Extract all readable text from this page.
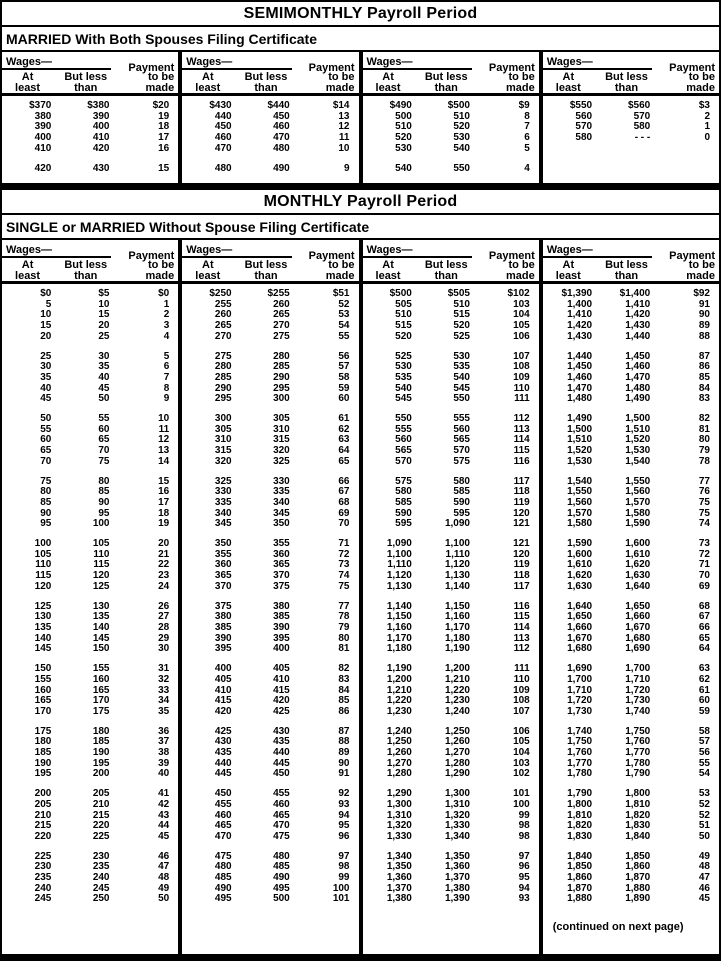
SEMIMONTHLY Payroll Period
MARRIED With Both Spouses Filing Certificate
Wages—	Payment
At
least
But less
than
to be
made
$370	$380	$20
380	390	19
390	400	18
400	410	17
410	420	16
420	430	15
Wages—	Payment
At
least
But less
than
to be
made
$430	$440	$14
440	450	13
450	460	12
460	470	11
470	480	10
480	490	9
Wages—	Payment
At
least
But less
than
to be
made
$490	$500	$9
500	510	8
510	520	7
520	530	6
530	540	5
540	550	4
Wages—	Payment
At
least
But less
than
to be
made
$550	$560	$3
560	570	2
570	580	1
580	- - -	0
MONTHLY Payroll Period
SINGLE or MARRIED Without Spouse Filing Certificate
Wages—	Payment
At
least
But less
than
to be
made
$0	$5	$0
5	10	1
10	15	2
15	20	3
20	25	4
25	30	5
30	35	6
35	40	7
40	45	8
45	50	9
50	55	10
55	60	11
60	65	12
65	70	13
70	75	14
75	80	15
80	85	16
85	90	17
90	95	18
95	100	19
100	105	20
105	110	21
110	115	22
115	120	23
120	125	24
125	130	26
130	135	27
135	140	28
140	145	29
145	150	30
150	155	31
155	160	32
160	165	33
165	170	34
170	175	35
175	180	36
180	185	37
185	190	38
190	195	39
195	200	40
200	205	41
205	210	42
210	215	43
215	220	44
220	225	45
225	230	46
230	235	47
235	240	48
240	245	49
245	250	50
Wages—	Payment
At
least
But less
than
to be
made
$250	$255	$51
255	260	52
260	265	53
265	270	54
270	275	55
275	280	56
280	285	57
285	290	58
290	295	59
295	300	60
300	305	61
305	310	62
310	315	63
315	320	64
320	325	65
325	330	66
330	335	67
335	340	68
340	345	69
345	350	70
350	355	71
355	360	72
360	365	73
365	370	74
370	375	75
375	380	77
380	385	78
385	390	79
390	395	80
395	400	81
400	405	82
405	410	83
410	415	84
415	420	85
420	425	86
425	430	87
430	435	88
435	440	89
440	445	90
445	450	91
450	455	92
455	460	93
460	465	94
465	470	95
470	475	96
475	480	97
480	485	98
485	490	99
490	495	100
495	500	101
Wages—	Payment
At
least
But less
than
to be
made
$500	$505	$102
505	510	103
510	515	104
515	520	105
520	525	106
525	530	107
530	535	108
535	540	109
540	545	110
545	550	111
550	555	112
555	560	113
560	565	114
565	570	115
570	575	116
575	580	117
580	585	118
585	590	119
590	595	120
595	1,090	121
1,090	1,100	121
1,100	1,110	120
1,110	1,120	119
1,120	1,130	118
1,130	1,140	117
1,140	1,150	116
1,150	1,160	115
1,160	1,170	114
1,170	1,180	113
1,180	1,190	112
1,190	1,200	111
1,200	1,210	110
1,210	1,220	109
1,220	1,230	108
1,230	1,240	107
1,240	1,250	106
1,250	1,260	105
1,260	1,270	104
1,270	1,280	103
1,280	1,290	102
1,290	1,300	101
1,300	1,310	100
1,310	1,320	99
1,320	1,330	98
1,330	1,340	98
1,340	1,350	97
1,350	1,360	96
1,360	1,370	95
1,370	1,380	94
1,380	1,390	93
Wages—	Payment
At
least
But less
than
to be
made
$1,390	$1,400	$92
1,400	1,410	91
1,410	1,420	90
1,420	1,430	89
1,430	1,440	88
1,440	1,450	87
1,450	1,460	86
1,460	1,470	85
1,470	1,480	84
1,480	1,490	83
1,490	1,500	82
1,500	1,510	81
1,510	1,520	80
1,520	1,530	79
1,530	1,540	78
1,540	1,550	77
1,550	1,560	76
1,560	1,570	75
1,570	1,580	75
1,580	1,590	74
1,590	1,600	73
1,600	1,610	72
1,610	1,620	71
1,620	1,630	70
1,630	1,640	69
1,640	1,650	68
1,650	1,660	67
1,660	1,670	66
1,670	1,680	65
1,680	1,690	64
1,690	1,700	63
1,700	1,710	62
1,710	1,720	61
1,720	1,730	60
1,730	1,740	59
1,740	1,750	58
1,750	1,760	57
1,760	1,770	56
1,770	1,780	55
1,780	1,790	54
1,790	1,800	53
1,800	1,810	52
1,810	1,820	52
1,820	1,830	51
1,830	1,840	50
1,840	1,850	49
1,850	1,860	48
1,860	1,870	47
1,870	1,880	46
1,880	1,890	45
(continued on next page)
